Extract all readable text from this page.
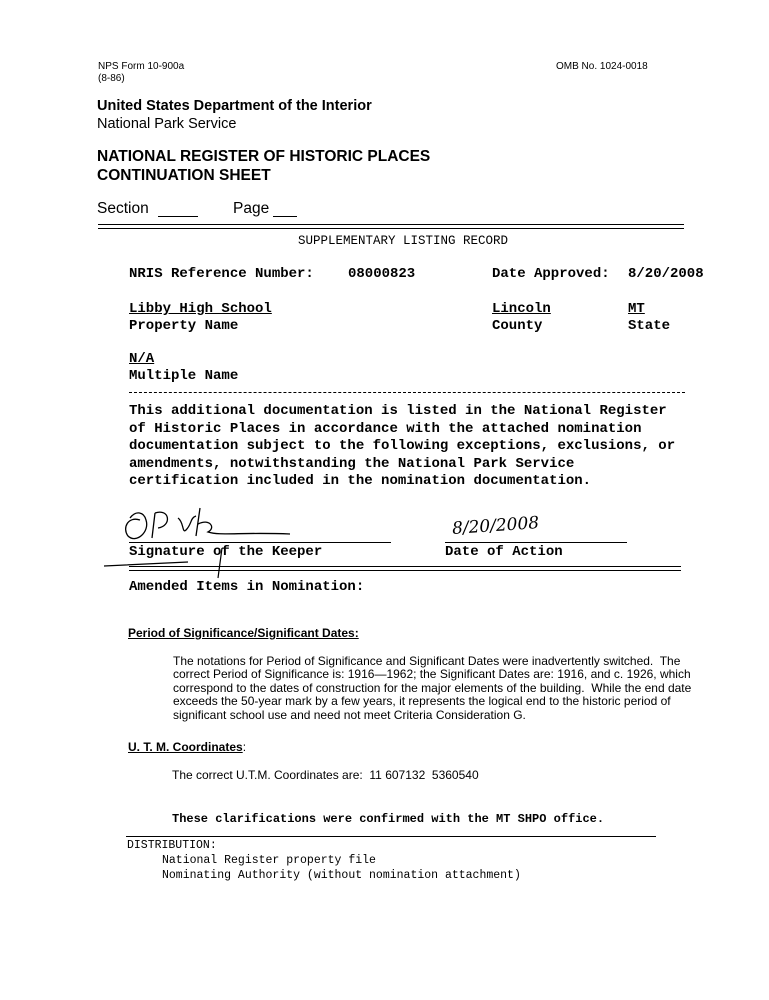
NPS Form 10-900a
(8-86)
OMB No. 1024-0018
United States Department of the Interior
National Park Service
NATIONAL REGISTER OF HISTORIC PLACES
CONTINUATION SHEET
Section	Page
SUPPLEMENTARY LISTING RECORD
NRIS Reference Number: 08000823	Date Approved: 8/20/2008
Libby High School
Property Name
Lincoln
County
MT
State
N/A
Multiple Name
This additional documentation is listed in the National Register
of Historic Places in accordance with the attached nomination
documentation subject to the following exceptions, exclusions, or
amendments, notwithstanding the National Park Service
certification included in the nomination documentation.
Signature of the Keeper
8/20/2008
Date of Action
Amended Items in Nomination:
Period of Significance/Significant Dates:
The notations for Period of Significance and Significant Dates were inadvertently switched.  The
correct Period of Significance is: 1916—1962; the Significant Dates are: 1916, and c. 1926, which
correspond to the dates of construction for the major elements of the building.  While the end date
exceeds the 50-year mark by a few years, it represents the logical end to the historic period of
significant school use and need not meet Criteria Consideration G.
U. T. M. Coordinates:
The correct U.T.M. Coordinates are:  11 607132  5360540
These clarifications were confirmed with the MT SHPO office.
DISTRIBUTION:
National Register property file
Nominating Authority (without nomination attachment)
